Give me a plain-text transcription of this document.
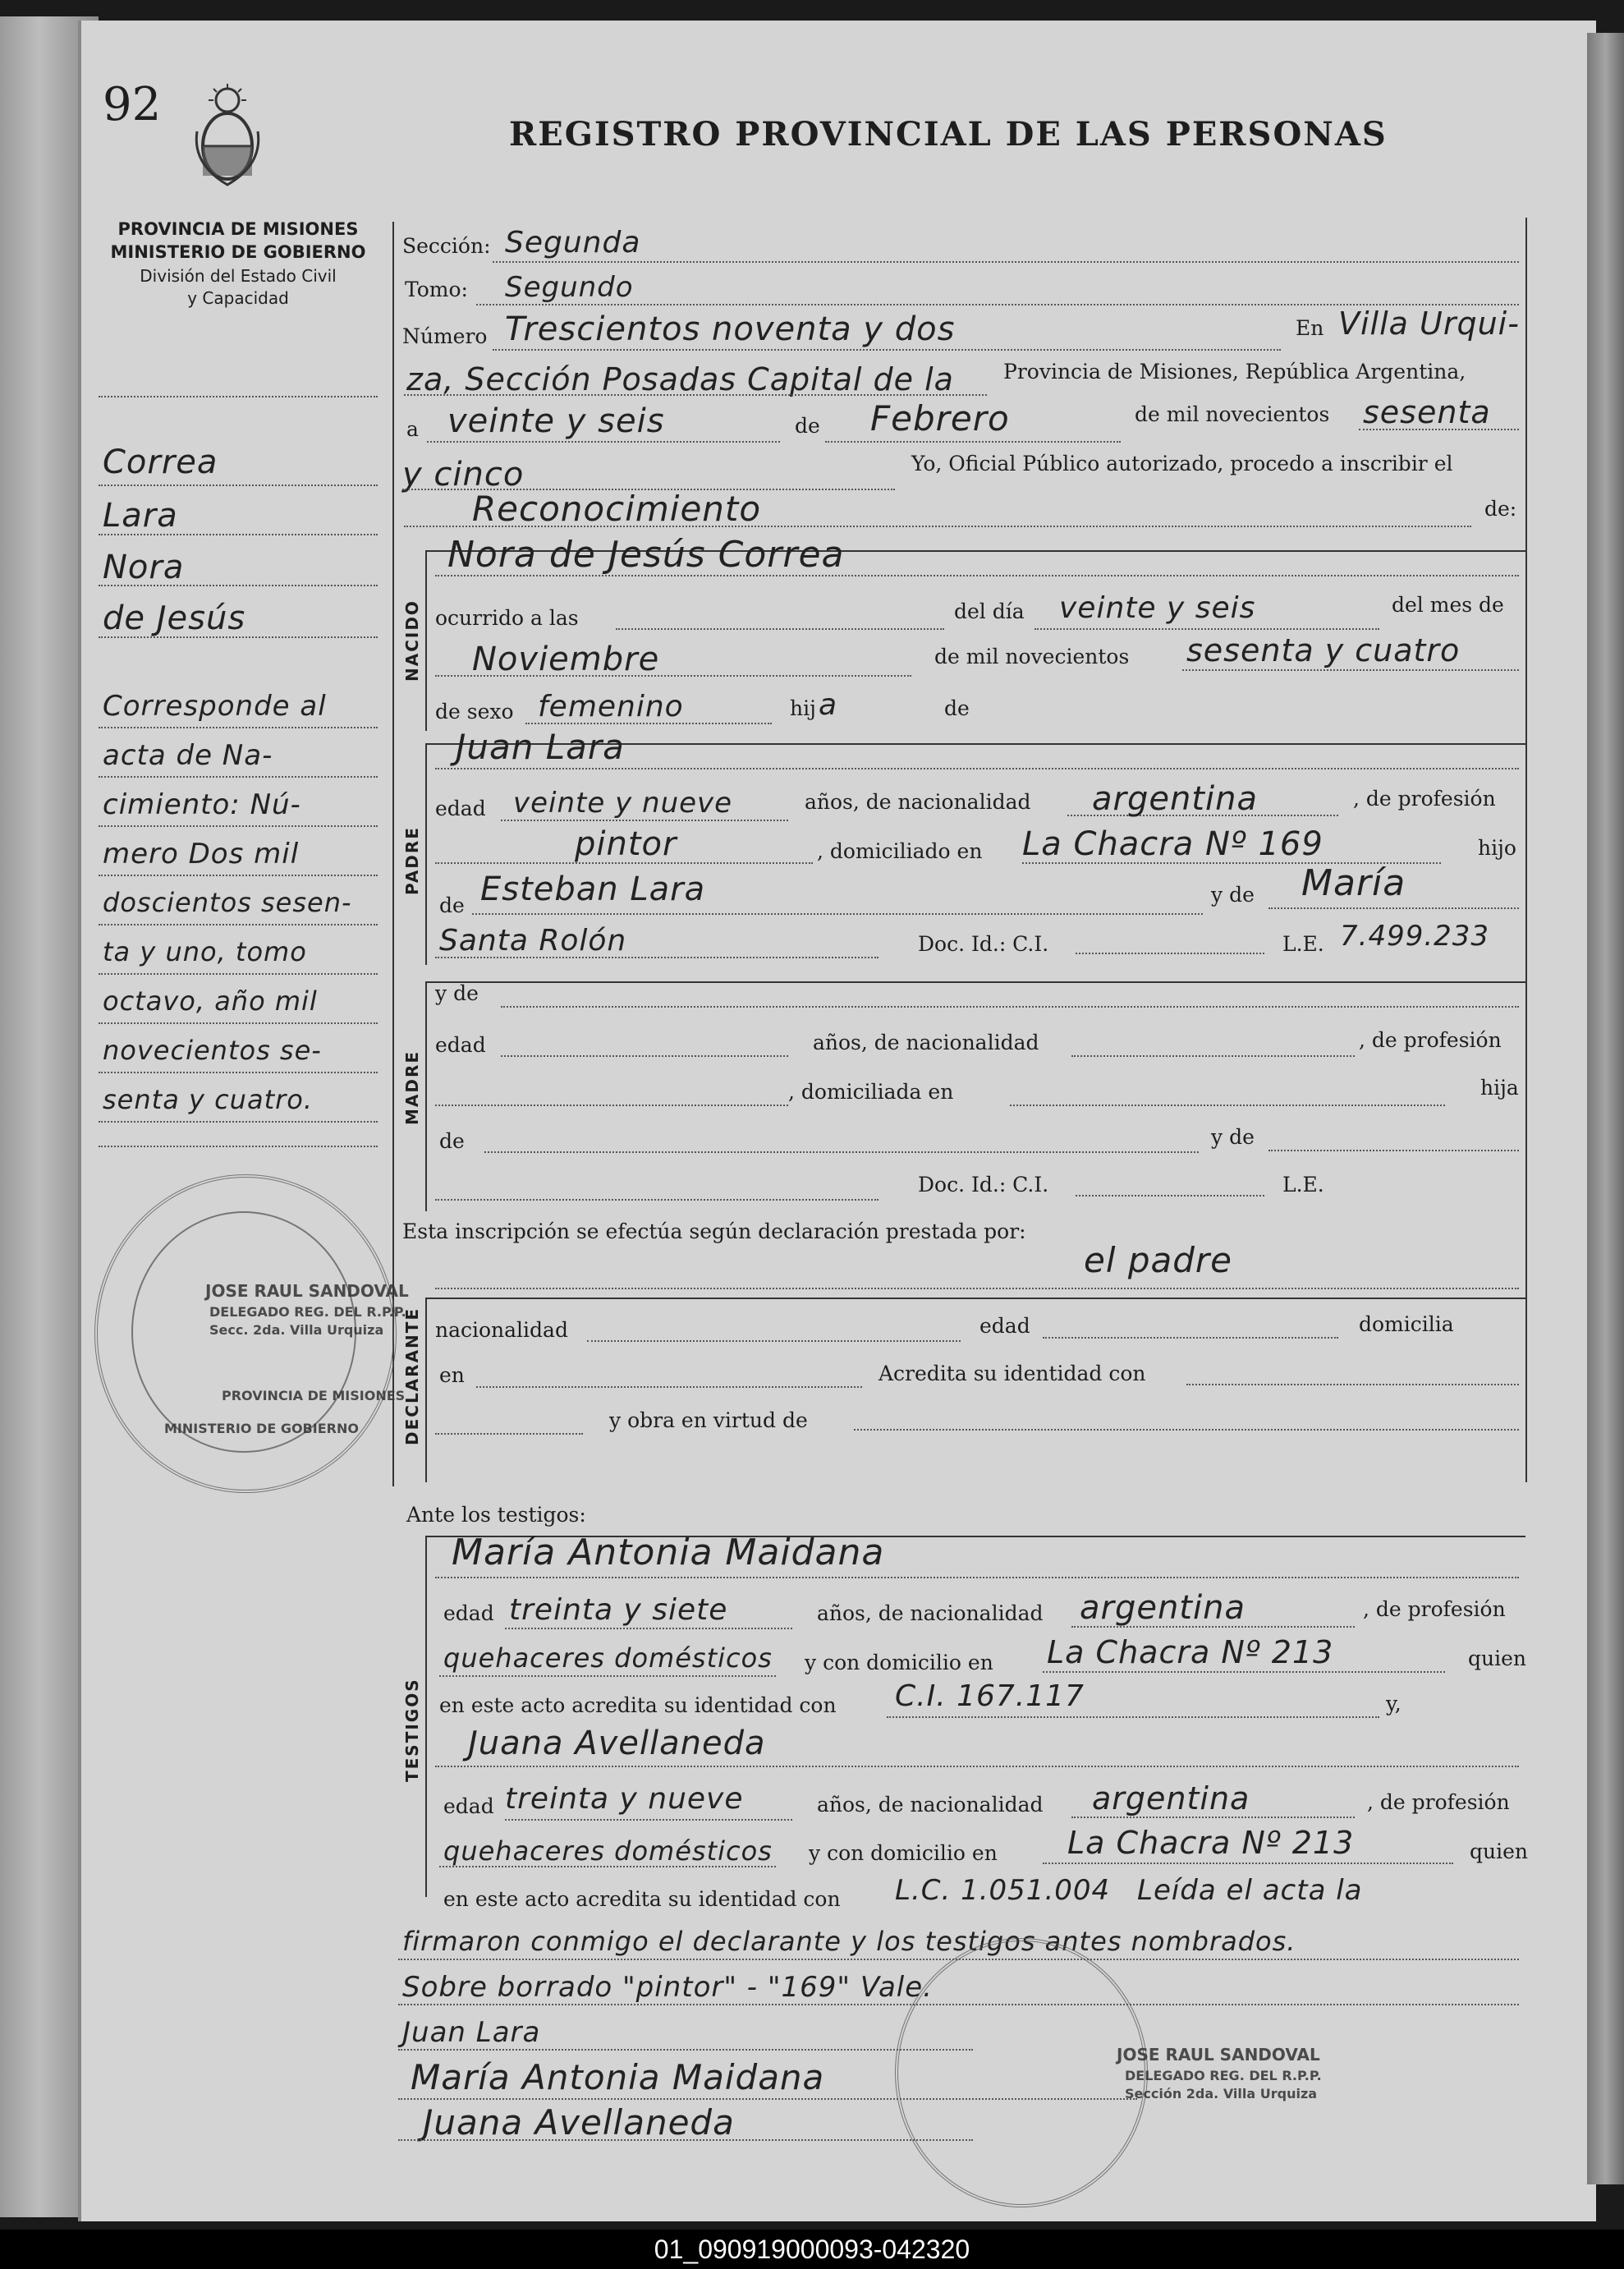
92
REGISTRO PROVINCIAL DE LAS PERSONAS
PROVINCIA DE MISIONES
MINISTERIO DE GOBIERNO
División del Estado Civil
y Capacidad
Correa
Lara
Nora
de Jesús
Corresponde al
acta de Na-
cimiento: Nú-
mero Dos mil
doscientos sesen-
ta y uno, tomo
octavo, año mil
novecientos se-
senta y cuatro.
Sección: Segunda
Tomo: Segundo
Número Trescientos noventa y dos	En Villa Urqui-
za, Sección Posadas Capital de la Provincia de Misiones, República Argentina,
a veinte y seis	de Febrero	de mil novecientos sesenta
y cinco	Yo, Oficial Público autorizado, procedo a inscribir el
Reconocimiento	de:
NACIDO
Nora de Jesús Correa
ocurrido a las	del día veinte y seis	del mes de
Noviembre	de mil novecientos sesenta y cuatro
de sexo femenino	hij a	de
PADRE
Juan Lara
edad veinte y nueve	años, de nacionalidad argentina	, de profesión
pintor	, domiciliado en La Chacra Nº 169	hijo
de Esteban Lara	y de María
Santa Rolón	Doc. Id.: C.I.	L.E. 7.499.233
MADRE
y de
edad	años, de nacionalidad	, de profesión
, domiciliada en	hija
de	y de
Doc. Id.: C.I.	L.E.
Esta inscripción se efectúa según declaración prestada por:
el padre
DECLARANTE nacionalidad	edad	domicilia
en	Acredita su identidad con
y obra en virtud de
Ante los testigos:
TESTIGOS
María Antonia Maidana
edad treinta y siete	años, de nacionalidad argentina	, de profesión
quehaceres domésticos y con domicilio en La Chacra Nº 213	quien
en este acto acredita su identidad con C.I. 167.117	y,
Juana Avellaneda
edad treinta y nueve	años, de nacionalidad argentina	, de profesión
quehaceres domésticos y con domicilio en La Chacra Nº 213	quien
en este acto acredita su identidad con L.C. 1.051.004 Leída el acta la
firmaron conmigo el declarante y los testigos antes nombrados.
Sobre borrado "pintor" - "169" Vale.
Juan Lara
María Antonia Maidana
Juana Avellaneda
JOSE RAUL SANDOVAL
DELEGADO REG. DEL R.P.P.
Secc. 2da. Villa Urquiza
MINISTERIO DE GOBIERNO
PROVINCIA DE MISIONES
JOSE RAUL SANDOVAL
DELEGADO REG. DEL R.P.P.
Sección 2da. Villa Urquiza
01_090919000093-042320
